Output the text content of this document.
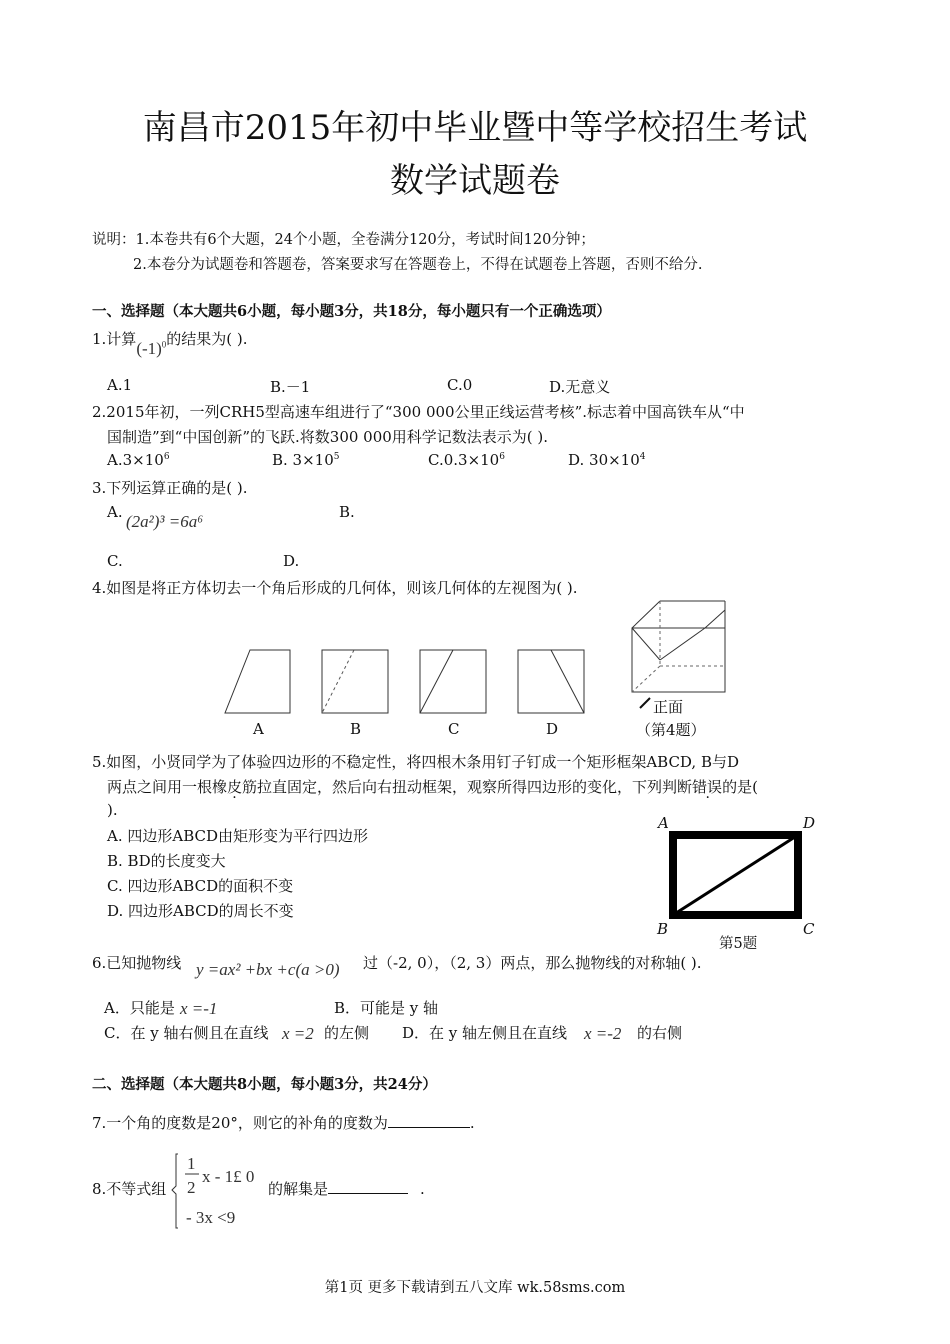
南昌市2015年初中毕业暨中等学校招生考试
数学试题卷
说明：1.本卷共有6个大题，24个小题，全卷满分120分，考试时间120分钟；
2.本卷分为试题卷和答题卷，答案要求写在答题卷上，不得在试题卷上答题，否则不给分.
一、选择题（本大题共6小题，每小题3分，共18分，每小题只有一个正确选项）
1.计算$(-1)^0$的结果为( ).
A.1	B.－1	C.0	D.无意义
2.2015年初，一列CRH5型高速车组进行了“300 000公里正线运营考核”.标志着中国高铁车从“中
国制造”到“中国创新”的飞跃.将数300 000用科学记数法表示为( ).
$A.3\times 10^6$	B. $3\times 10^5$	$C.0.3\times 10^6$	D. $30\times 10^4$
3.下列运算正确的是( ).
A. (2a²)³ =6a⁶	B.
C.	D.
4.如图是将正方体切去一个角后形成的几何体，则该几何体的左视图为( ).
A	B	C	D
正面
（第4题）
5.如图，小贤同学为了体验四边形的不稳定性，将四根木条用钉子钉成一个矩形框架ABCD, B与D
两点之间用一根橡皮筋拉直固定，然后向右扭动框架，观察所得四边形的变化，下列判断错误的是(
).
A. 四边形ABCD由矩形变为平行四边形
B. BD的长度变大
C. 四边形ABCD的面积不变
D. 四边形ABCD的周长不变
A	D
B	C
第5题
6.已知抛物线 y =ax² +bx +c(a >0) 过（-2, 0），（2, 3）两点，那么抛物线的对称轴( ).
A．只能是 x =-1	B．可能是 y 轴
C．在 y 轴右侧且在直线 x =2 的左侧 D．在 y 轴左侧且在直线 x =-2 的右侧
二、选择题（本大题共8小题，每小题3分，共24分）
7.一个角的度数是20°，则它的补角的度数为	.
8.不等式组
1
2
x - 1£ 0
- 3x <9
的解集是	.
第1页 更多下载请到五八文库 wk.58sms.com
